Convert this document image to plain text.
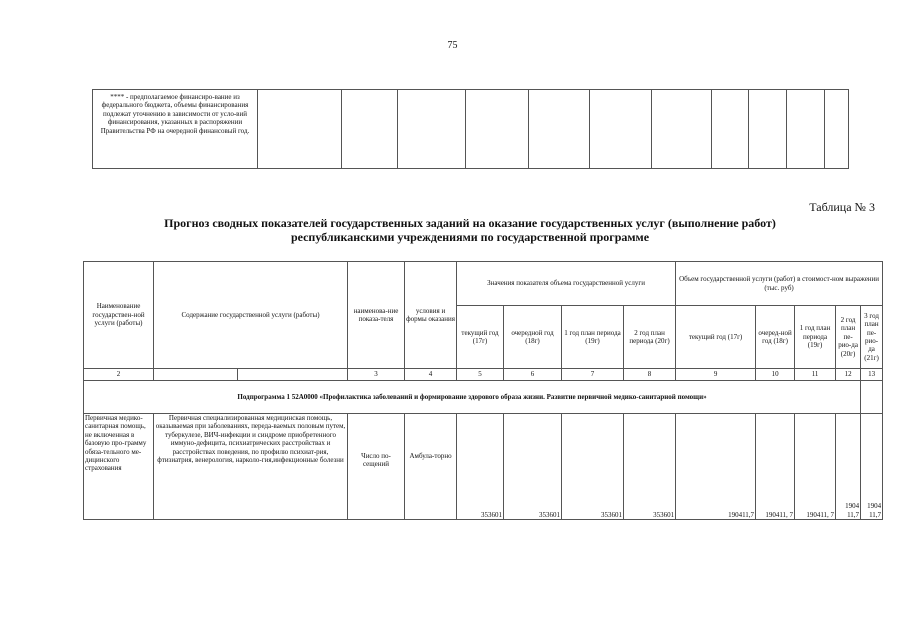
75
**** - предполагаемое финансиро-вание из федерального бюджета, объемы финансирования подлежат уточнению в зависимости от усло-вий финансирования, указанных в распоряжении Правительства РФ на очередной финансовый год.											
Таблица № 3
Прогноз сводных показателей государственных заданий на оказание государственных услуг (выполнение работ) республиканскими учреждениями по государственной программе
Наименование государствен-ной услуги (работы)	Содержание государственной услуги (работы)		наименова-ние показа-теля	условия и формы оказания	Значения показателя объема государственной услуги				Объем государственной услуги (работ) в стоимост-ном выражении (тыс. руб)				
					текущий год (17г)	очередной год (18г)	1 год план периода (19г)	2 год план периода (20г)	текущий год (17г)	очеред-ной год (18г)	1 год план периода (19г)	2 год план пе-рио-да (20г)	3 год план пе-рио-да (21г)
2			3	4	5	6	7	8	9	10	11	12	13
Подпрограмма 1 52А0000 «Профилактика заболеваний и формирование здорового образа жизни. Развитие первичной медико-санитарной помощи»													
Первичная медико-санитарная помощь, не включенная в базовую про-грамму обяза-тельного ме-дицинского страхования	Первичная специализированная медицинская помощь, оказываемая при заболеваниях, переда-ваемых половым путем, туберкулезе, ВИЧ-инфекции и синдроме приобретенного иммуно-дефицита, психиатрических расстройствах и расстройствах поведения, по профилю психиат-рия, фтизиатрия, венерология, нарколо-гия,инфекционные болезни		Число по-сещений	Амбула-торно	353601	353601	353601	353601	190411,7	190411, 7	190411, 7	1904 11,7	1904 11,7
